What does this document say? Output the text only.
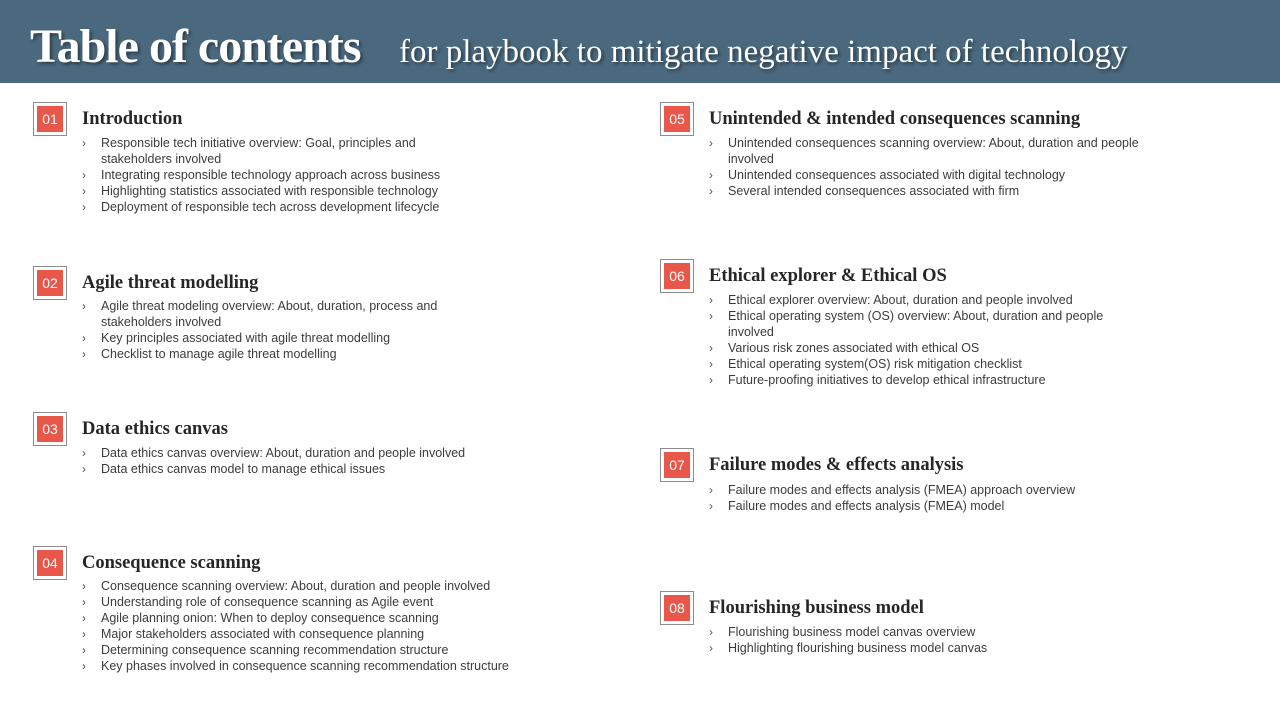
Table of contents for playbook to mitigate negative impact of technology
01 Introduction
› Responsible tech initiative overview: Goal, principles and stakeholders involved
› Integrating responsible technology approach across business
› Highlighting statistics associated with responsible technology
› Deployment of responsible tech across development lifecycle
02 Agile threat modelling
› Agile threat modeling overview: About, duration, process and stakeholders involved
› Key principles associated with agile threat modelling
› Checklist to manage agile threat modelling
03 Data ethics canvas
› Data ethics canvas overview: About, duration and people involved
› Data ethics canvas model to manage ethical issues
04 Consequence scanning
› Consequence scanning overview: About, duration and people involved
› Understanding role of consequence scanning as Agile event
› Agile planning onion: When to deploy consequence scanning
› Major stakeholders associated with consequence planning
› Determining consequence scanning recommendation structure
› Key phases involved in consequence scanning recommendation structure
05 Unintended & intended consequences scanning
› Unintended consequences scanning overview: About, duration and people involved
› Unintended consequences associated with digital technology
› Several intended consequences associated with firm
06 Ethical explorer & Ethical OS
› Ethical explorer overview: About, duration and people involved
› Ethical operating system (OS) overview: About, duration and people involved
› Various risk zones associated with ethical OS
› Ethical operating system(OS) risk mitigation checklist
› Future-proofing initiatives to develop ethical infrastructure
07 Failure modes & effects analysis
› Failure modes and effects analysis (FMEA) approach overview
› Failure modes and effects analysis (FMEA) model
08 Flourishing business model
› Flourishing business model canvas overview
› Highlighting flourishing business model canvas
